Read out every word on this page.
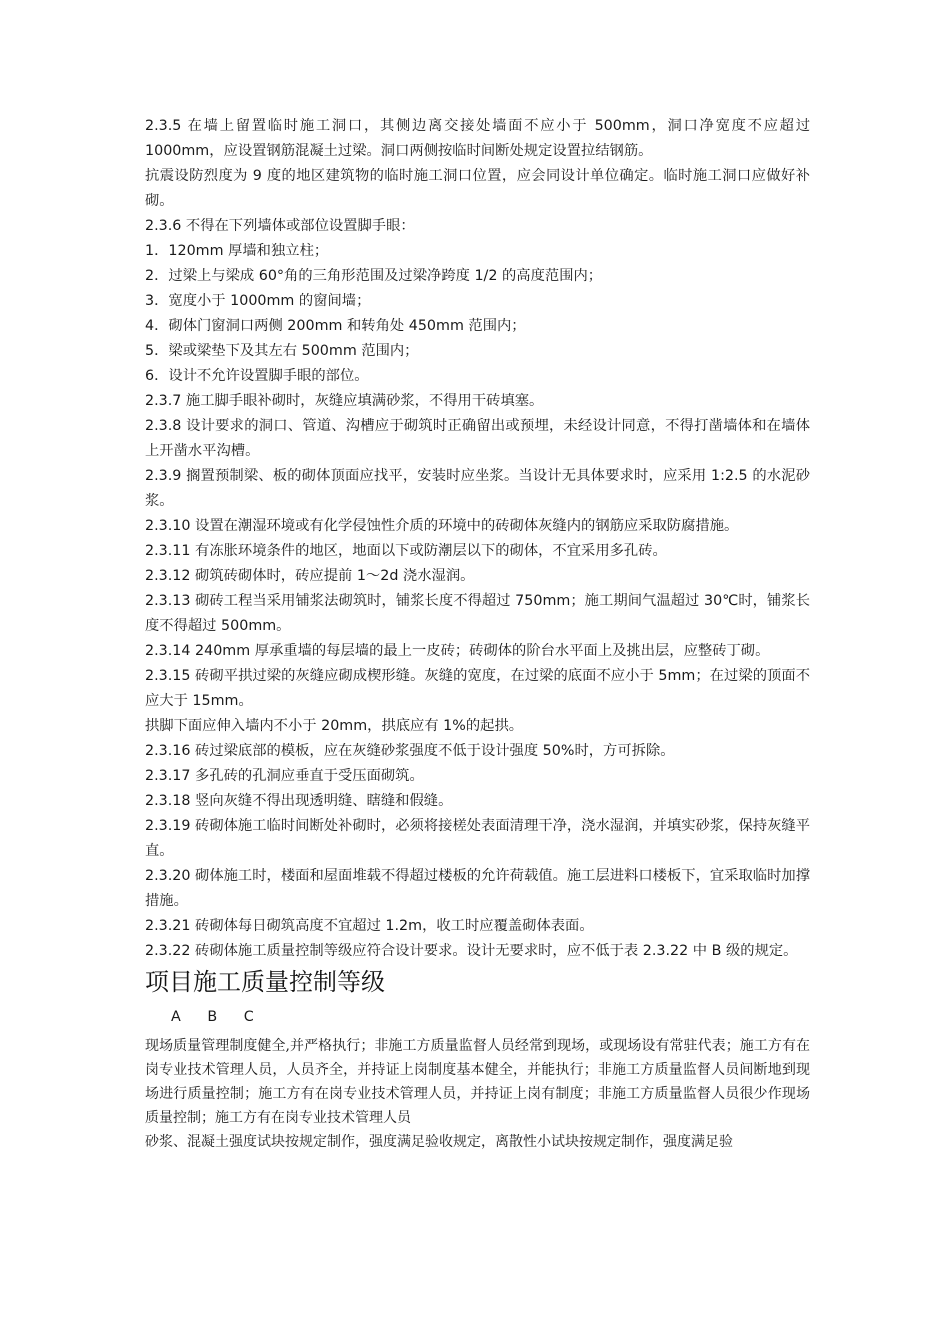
2.3.5 在墙上留置临时施工洞口，其侧边离交接处墙面不应小于 500mm，洞口净宽度不应超过 1000mm，应设置钢筋混凝土过梁。洞口两侧按临时间断处规定设置拉结钢筋。

抗震设防烈度为 9 度的地区建筑物的临时施工洞口位置，应会同设计单位确定。临时施工洞口应做好补砌。

2.3.6 不得在下列墙体或部位设置脚手眼：

1．120mm 厚墙和独立柱；

2．过梁上与梁成 60°角的三角形范围及过梁净跨度 1/2 的高度范围内；

3．宽度小于 1000mm 的窗间墙；

4．砌体门窗洞口两侧 200mm 和转角处 450mm 范围内；

5．梁或梁垫下及其左右 500mm 范围内；

6．设计不允许设置脚手眼的部位。

2.3.7 施工脚手眼补砌时，灰缝应填满砂浆，不得用干砖填塞。

2.3.8 设计要求的洞口、管道、沟槽应于砌筑时正确留出或预埋，未经设计同意，不得打凿墙体和在墙体上开凿水平沟槽。

2.3.9 搁置预制梁、板的砌体顶面应找平，安装时应坐浆。当设计无具体要求时，应采用 1:2.5 的水泥砂浆。

2.3.10 设置在潮湿环境或有化学侵蚀性介质的环境中的砖砌体灰缝内的钢筋应采取防腐措施。

2.3.11 有冻胀环境条件的地区，地面以下或防潮层以下的砌体，不宜采用多孔砖。

2.3.12 砌筑砖砌体时，砖应提前 1～2d 浇水湿润。

2.3.13 砌砖工程当采用铺浆法砌筑时，铺浆长度不得超过 750mm；施工期间气温超过 30℃时，铺浆长度不得超过 500mm。

2.3.14 240mm 厚承重墙的每层墙的最上一皮砖；砖砌体的阶台水平面上及挑出层，应整砖丁砌。

2.3.15 砖砌平拱过梁的灰缝应砌成楔形缝。灰缝的宽度，在过梁的底面不应小于 5mm；在过梁的顶面不应大于 15mm。

拱脚下面应伸入墙内不小于 20mm，拱底应有 1%的起拱。

2.3.16 砖过梁底部的模板，应在灰缝砂浆强度不低于设计强度 50%时，方可拆除。

2.3.17 多孔砖的孔洞应垂直于受压面砌筑。

2.3.18 竖向灰缝不得出现透明缝、瞎缝和假缝。

2.3.19 砖砌体施工临时间断处补砌时，必须将接槎处表面清理干净，浇水湿润，并填实砂浆，保持灰缝平直。

2.3.20 砌体施工时，楼面和屋面堆载不得超过楼板的允许荷载值。施工层进料口楼板下，宜采取临时加撑措施。

2.3.21 砖砌体每日砌筑高度不宜超过 1.2m，收工时应覆盖砌体表面。

2.3.22 砖砌体施工质量控制等级应符合设计要求。设计无要求时，应不低于表 2.3.22 中 B 级的规定。

项目施工质量控制等级
A B C

现场质量管理制度健全,并严格执行；非施工方质量监督人员经常到现场，或现场设有常驻代表；施工方有在岗专业技术管理人员，人员齐全，并持证上岗制度基本健全，并能执行；非施工方质量监督人员间断地到现场进行质量控制；施工方有在岗专业技术管理人员，并持证上岗有制度；非施工方质量监督人员很少作现场质量控制；施工方有在岗专业技术管理人员

砂浆、混凝土强度试块按规定制作，强度满足验收规定，离散性小试块按规定制作，强度满足验
